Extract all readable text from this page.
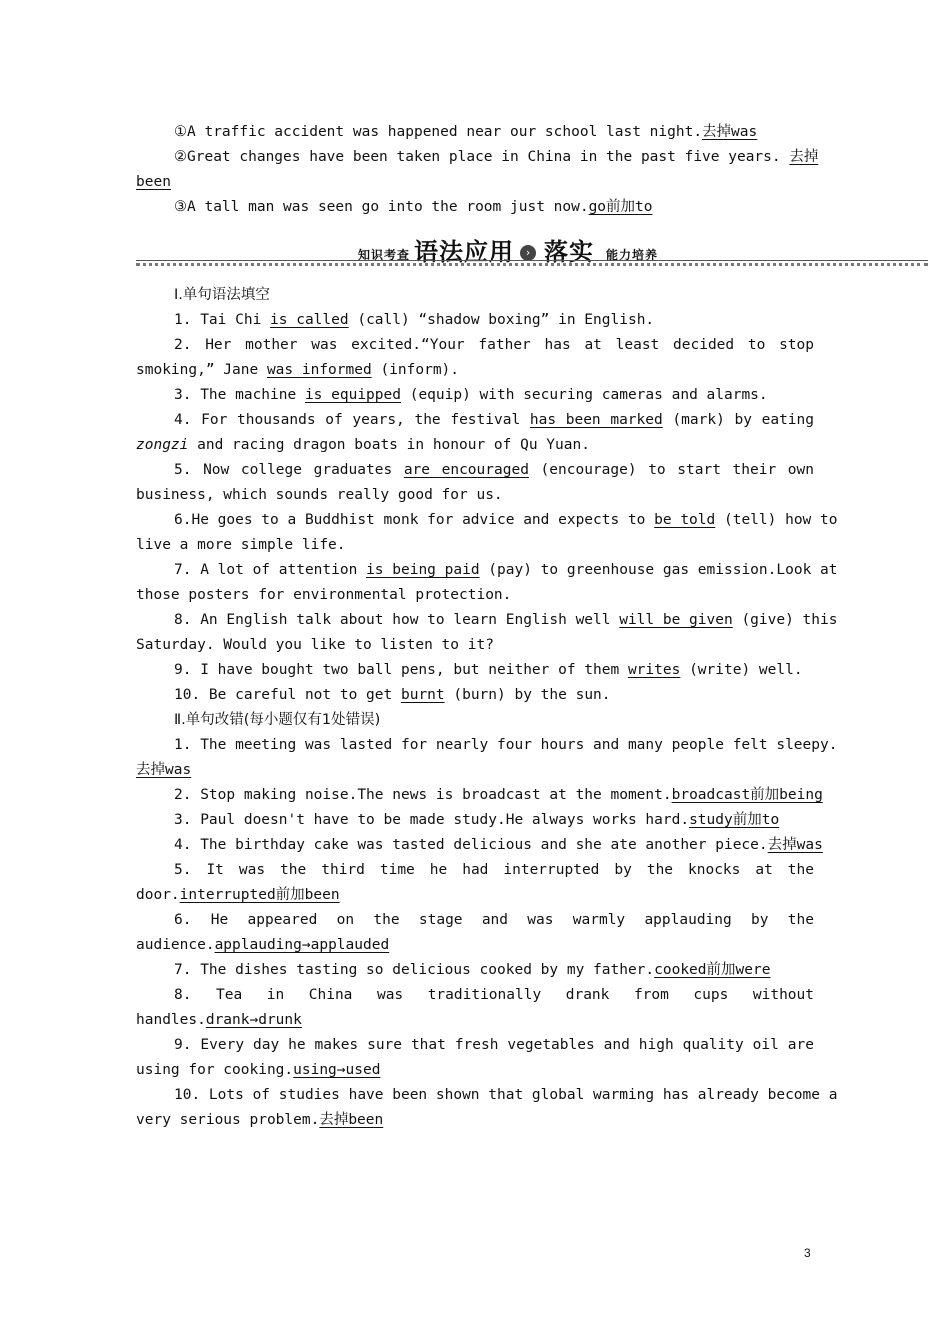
①A traffic accident was happened near our school last night.去掉was
②Great changes have been taken place in China in the past five years. 去掉
been
③A tall man was seen go into the room just now.go前加to
知识考查 语法应用	› 落实 能力培养
Ⅰ.单句语法填空
1. Tai Chi is called (call) “shadow boxing” in English.
2. Her mother was excited.“Your father has at least decided to stop
smoking,” Jane was informed (inform).
3. The machine is equipped (equip) with securing cameras and alarms.
4. For thousands of years, the festival has been marked (mark) by eating
zongzi and racing dragon boats in honour of Qu Yuan.
5. Now college graduates are encouraged (encourage) to start their own
business, which sounds really good for us.
6.He goes to a Buddhist monk for advice and expects to be told (tell) how to
live a more simple life.
7. A lot of attention is being paid (pay) to greenhouse gas emission.Look at
those posters for environmental protection.
8. An English talk about how to learn English well will be given (give) this
Saturday. Would you like to listen to it?
9. I have bought two ball pens, but neither of them writes (write) well.
10. Be careful not to get burnt (burn) by the sun.
Ⅱ.单句改错(每小题仅有1处错误)
1. The meeting was lasted for nearly four hours and many people felt sleepy.
去掉was
2. Stop making noise.The news is broadcast at the moment.broadcast前加being
3. Paul doesn't have to be made study.He always works hard.study前加to
4. The birthday cake was tasted delicious and she ate another piece.去掉was
5. It was the third time he had interrupted by the knocks at the
door.interrupted前加been
6. He appeared on the stage and was warmly applauding by the
audience.applauding→applauded
7. The dishes tasting so delicious cooked by my father.cooked前加were
8. Tea in China was traditionally drank from cups without
handles.drank→drunk
9. Every day he makes sure that fresh vegetables and high quality oil are
using for cooking.using→used
10. Lots of studies have been shown that global warming has already become a
very serious problem.去掉been
3
